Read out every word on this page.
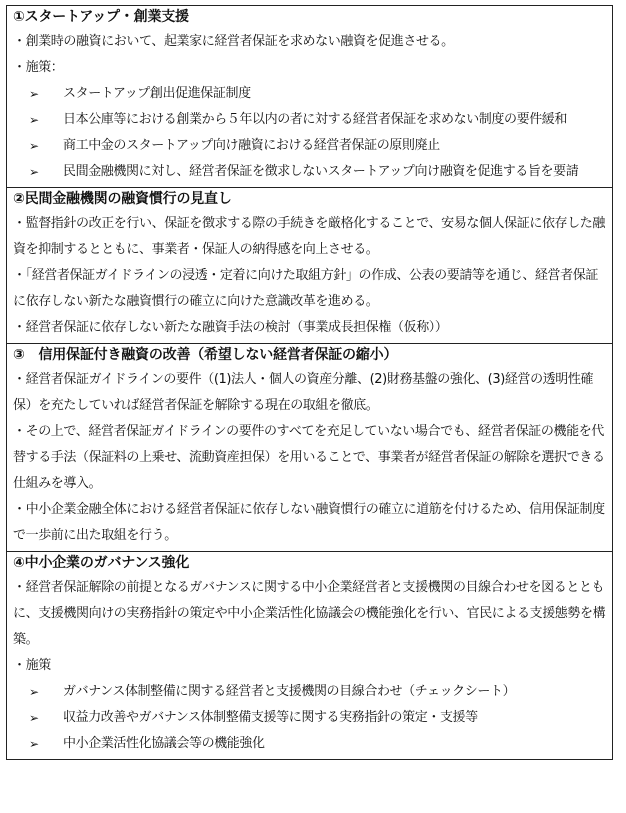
①スタートアップ・創業支援
・創業時の融資において、起業家に経営者保証を求めない融資を促進させる。
・施策：
➢	スタートアップ創出促進保証制度
➢	日本公庫等における創業から５年以内の者に対する経営者保証を求めない制度の要件緩和
➢	商工中金のスタートアップ向け融資における経営者保証の原則廃止
➢	民間金融機関に対し、経営者保証を徴求しないスタートアップ向け融資を促進する旨を要請
②民間金融機関の融資慣行の見直し
・監督指針の改正を行い、保証を徴求する際の手続きを厳格化することで、安易な個人保証に依存した融資を抑制するとともに、事業者・保証人の納得感を向上させる。
・「経営者保証ガイドラインの浸透・定着に向けた取組方針」の作成、公表の要請等を通じ、経営者保証に依存しない新たな融資慣行の確立に向けた意識改革を進める。
・経営者保証に依存しない新たな融資手法の検討（事業成長担保権（仮称））
③　信用保証付き融資の改善（希望しない経営者保証の縮小）
・経営者保証ガイドラインの要件（(1)法人・個人の資産分離、(2)財務基盤の強化、(3)経営の透明性確保）を充たしていれば経営者保証を解除する現在の取組を徹底。
・その上で、経営者保証ガイドラインの要件のすべてを充足していない場合でも、経営者保証の機能を代替する手法（保証料の上乗せ、流動資産担保）を用いることで、事業者が経営者保証の解除を選択できる仕組みを導入。
・中小企業金融全体における経営者保証に依存しない融資慣行の確立に道筋を付けるため、信用保証制度で一歩前に出た取組を行う。
④中小企業のガバナンス強化
・経営者保証解除の前提となるガバナンスに関する中小企業経営者と支援機関の目線合わせを図るとともに、支援機関向けの実務指針の策定や中小企業活性化協議会の機能強化を行い、官民による支援態勢を構築。
・施策
➢	ガバナンス体制整備に関する経営者と支援機関の目線合わせ（チェックシート）
➢	収益力改善やガバナンス体制整備支援等に関する実務指針の策定・支援等
➢	中小企業活性化協議会等の機能強化
